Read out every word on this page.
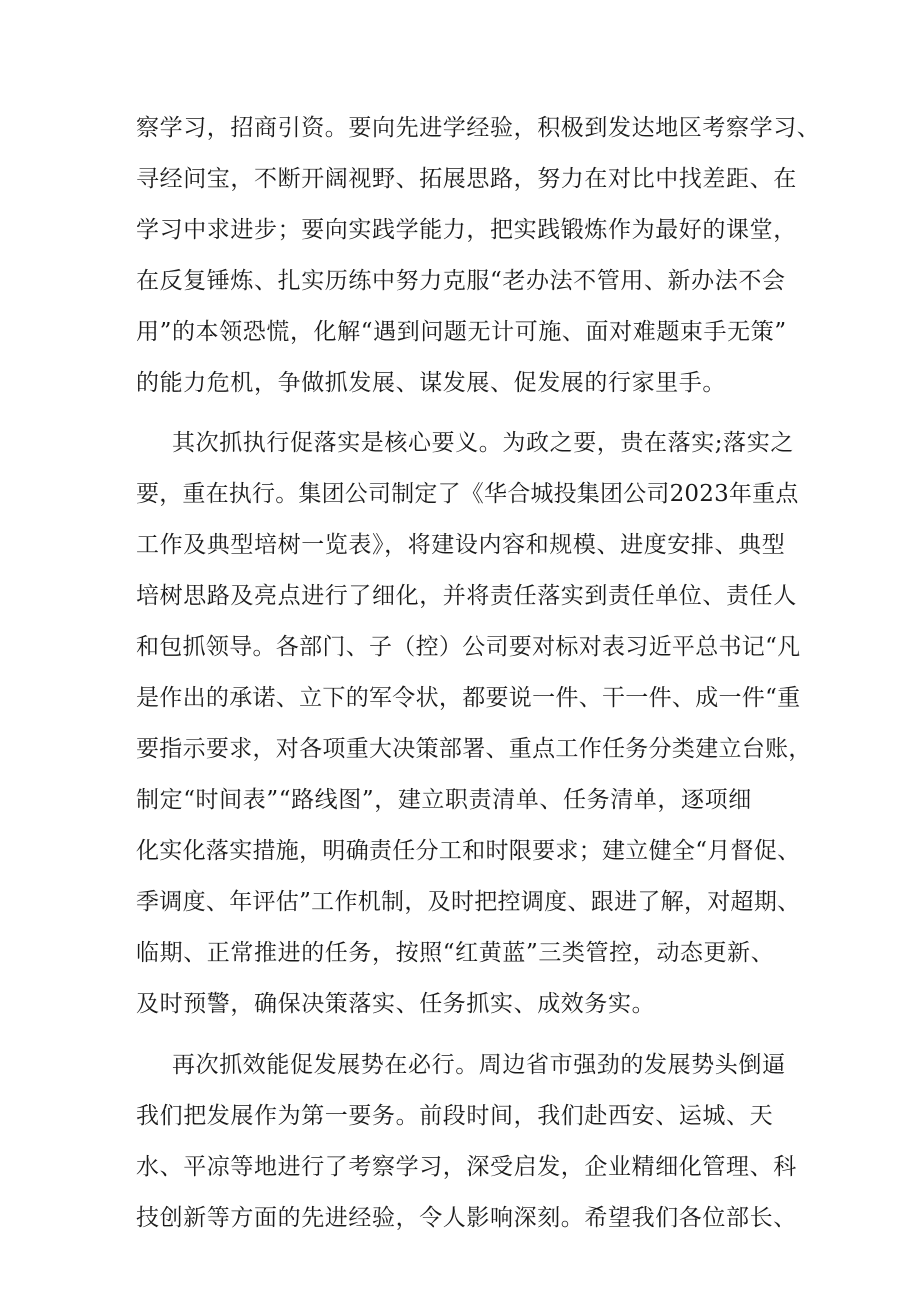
察学习，招商引资。要向先进学经验，积极到发达地区考察学习、
寻经问宝，不断开阔视野、拓展思路，努力在对比中找差距、在
学习中求进步；要向实践学能力，把实践锻炼作为最好的课堂，
在反复锤炼、扎实历练中努力克服“老办法不管用、新办法不会
用”的本领恐慌，化解“遇到问题无计可施、面对难题束手无策”
的能力危机，争做抓发展、谋发展、促发展的行家里手。
其次抓执行促落实是核心要义。为政之要，贵在落实;落实之
要，重在执行。集团公司制定了《华合城投集团公司2023年重点
工作及典型培树一览表》，将建设内容和规模、进度安排、典型
培树思路及亮点进行了细化，并将责任落实到责任单位、责任人
和包抓领导。各部门、子（控）公司要对标对表习近平总书记“凡
是作出的承诺、立下的军令状，都要说一件、干一件、成一件“重
要指示要求，对各项重大决策部署、重点工作任务分类建立台账，
制定“时间表”“路线图”，建立职责清单、任务清单，逐项细
化实化落实措施，明确责任分工和时限要求；建立健全“月督促、
季调度、年评估”工作机制，及时把控调度、跟进了解，对超期、
临期、正常推进的任务，按照“红黄蓝”三类管控，动态更新、
及时预警，确保决策落实、任务抓实、成效务实。
再次抓效能促发展势在必行。周边省市强劲的发展势头倒逼
我们把发展作为第一要务。前段时间，我们赴西安、运城、天
水、平凉等地进行了考察学习，深受启发，企业精细化管理、科
技创新等方面的先进经验，令人影响深刻。希望我们各位部长、
